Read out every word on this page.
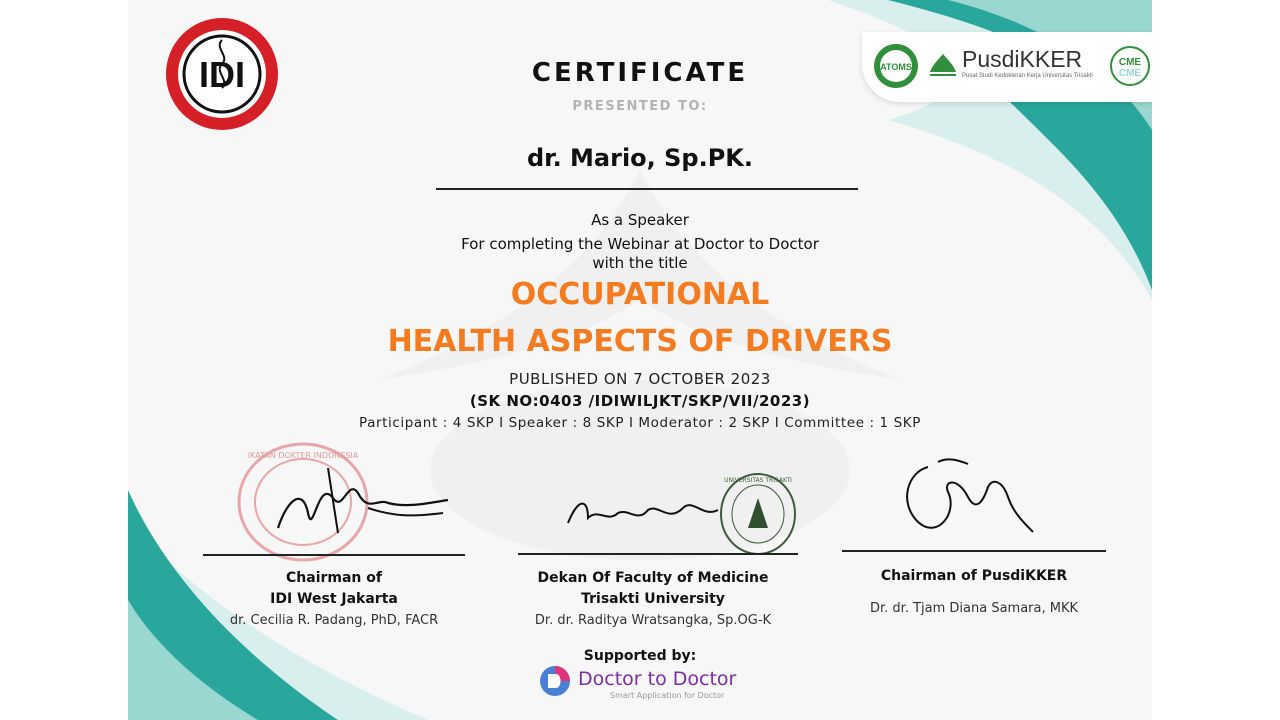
IDI	ATOMS PusdiKKER
Pusat Studi Kedokteran Kerja Universitas Trisakti
CME
CME
CERTIFICATE
PRESENTED TO:
dr. Mario, Sp.PK.
As a Speaker
For completing the Webinar at Doctor to Doctor
with the title
OCCUPATIONAL
HEALTH ASPECTS OF DRIVERS
PUBLISHED ON 7 OCTOBER 2023
(SK NO:0403 /IDIWILJKT/SKP/VII/2023)
Participant : 4 SKP I Speaker : 8 SKP I Moderator : 2 SKP I Committee : 1 SKP
IKATAN DOKTER INDONESIA
UNIVERSITAS TRISAKTI
Chairman of
IDI West Jakarta
dr. Cecilia R. Padang, PhD, FACR
Dekan Of Faculty of Medicine
Trisakti University
Dr. dr. Raditya Wratsangka, Sp.OG-K
Chairman of PusdiKKER
Dr. dr. Tjam Diana Samara, MKK
Supported by:
Doctor to Doctor
Smart Application for Doctor
